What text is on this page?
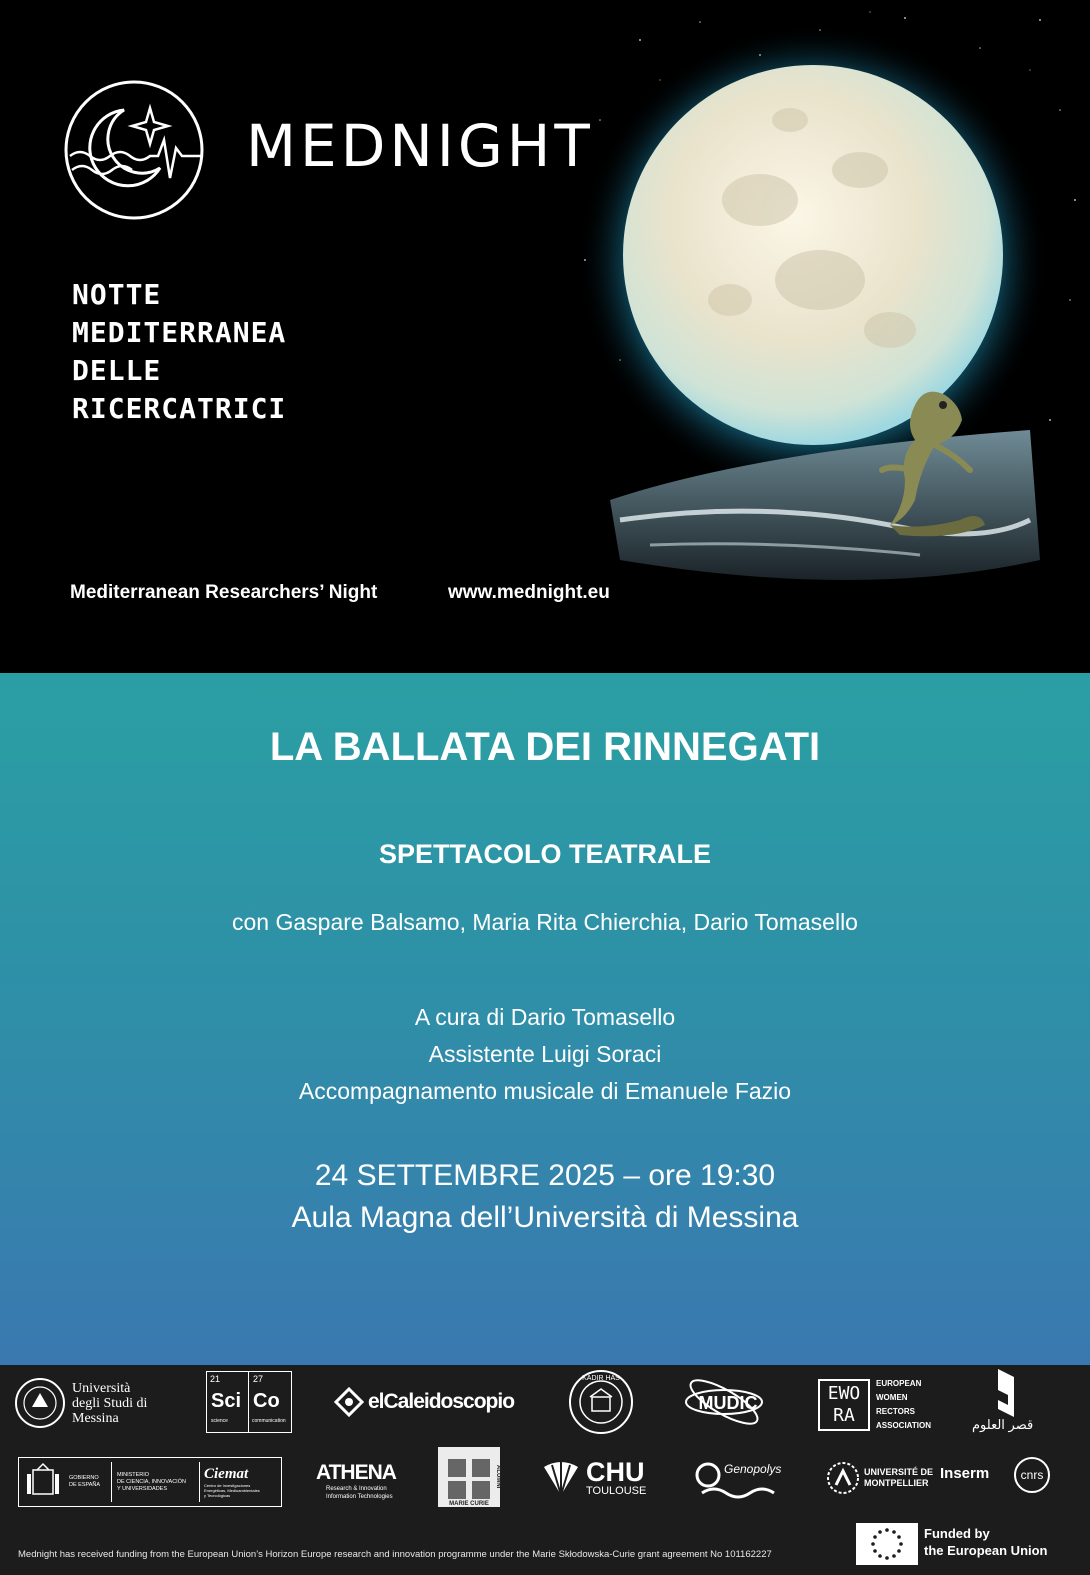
MEDNIGHT
NOTTE
MEDITERRANEA
DELLE
RICERCATRICI
Mediterranean Researchers’ Night	www.mednight.eu
LA BALLATA DEI RINNEGATI
SPETTACOLO TEATRALE
con Gaspare Balsamo, Maria Rita Chierchia, Dario Tomasello
A cura di Dario Tomasello
Assistente Luigi Soraci
Accompagnamento musicale di Emanuele Fazio
24 SETTEMBRE 2025 – ore 19:30
Aula Magna dell’Università di Messina
Università
degli Studi di
Messina
21
Sci
science
27
Co
communication
elCaleidoscopio
KADIR HAS
MUDIC	EWO
RA
EUROPEAN
WOMEN
RECTORS
ASSOCIATION	قصر العلوم
GOBIERNO
DE ESPAÑA
MINISTERIO
DE CIENCIA, INNOVACIÓN
Y UNIVERSIDADES
Ciemat
Centro de Investigaciones
Energéticas, Medioambientales
y Tecnológicas
ATHENA
Research & Innovation
Information Technologies
MARIE CURIE
ALUMNI	CHU
TOULOUSE
Genopolys	UNIVERSITÉ DE
MONTPELLIER
Inserm	cnrs
Mednight has received funding from the European Union’s Horizon Europe research and innovation programme under the Marie Skłodowska-Curie grant agreement No 101162227
Funded by
the European Union
